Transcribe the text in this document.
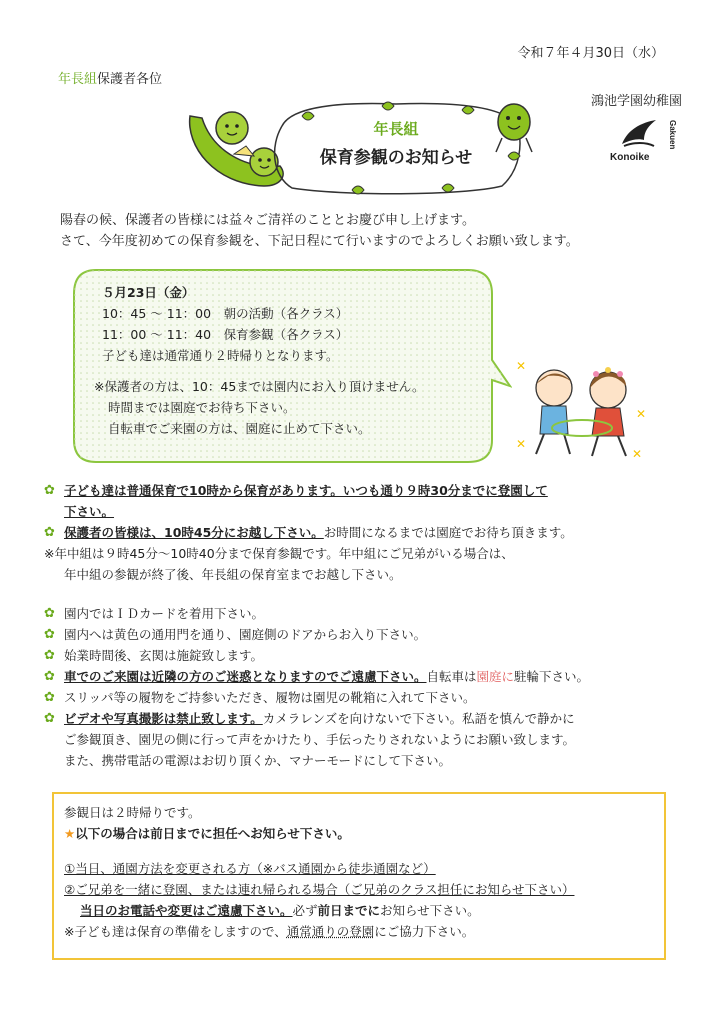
令和７年４月30日（水）
年長組保護者各位
鴻池学園幼稚園
Konoike
Gakuen
年長組
保育参観のお知らせ
陽春の候、保護者の皆様には益々ご清祥のこととお慶び申し上げます。
さて、今年度初めての保育参観を、下記日程にて行いますのでよろしくお願い致します。
５月23日（金）
10：45 〜 11：00　朝の活動（各クラス）
11：00 〜 11：40　保育参観（各クラス）
子ども達は通常通り２時帰りとなります。
※保護者の方は、10：45までは園内にお入り頂けません。
時間までは園庭でお待ち下さい。
自転車でご来園の方は、園庭に止めて下さい。
✕
✕
✕
✕
✿ 子ども達は普通保育で10時から保育があります。いつも通り９時30分までに登園して
下さい。
✿ 保護者の皆様は、10時45分にお越し下さい。お時間になるまでは園庭でお待ち頂きます。
※年中組は９時45分〜10時40分まで保育参観です。年中組にご兄弟がいる場合は、
年中組の参観が終了後、年長組の保育室までお越し下さい。
✿ 園内ではＩＤカードを着用下さい。
✿ 園内へは黄色の通用門を通り、園庭側のドアからお入り下さい。
✿ 始業時間後、玄関は施錠致します。
✿ 車でのご来園は近隣の方のご迷惑となりますのでご遠慮下さい。自転車は園庭に駐輪下さい。
✿ スリッパ等の履物をご持参いただき、履物は園児の靴箱に入れて下さい。
✿ ビデオや写真撮影は禁止致します。カメラレンズを向けないで下さい。私語を慎んで静かに
ご参観頂き、園児の側に行って声をかけたり、手伝ったりされないようにお願い致します。
また、携帯電話の電源はお切り頂くか、マナーモードにして下さい。
参観日は２時帰りです。
★以下の場合は前日までに担任へお知らせ下さい。
①当日、通園方法を変更される方（※バス通園から徒歩通園など）
②ご兄弟を一緒に登園、または連れ帰られる場合（ご兄弟のクラス担任にお知らせ下さい）
当日のお電話や変更はご遠慮下さい。必ず前日までにお知らせ下さい。
※子ども達は保育の準備をしますので、通常通りの登園にご協力下さい。
